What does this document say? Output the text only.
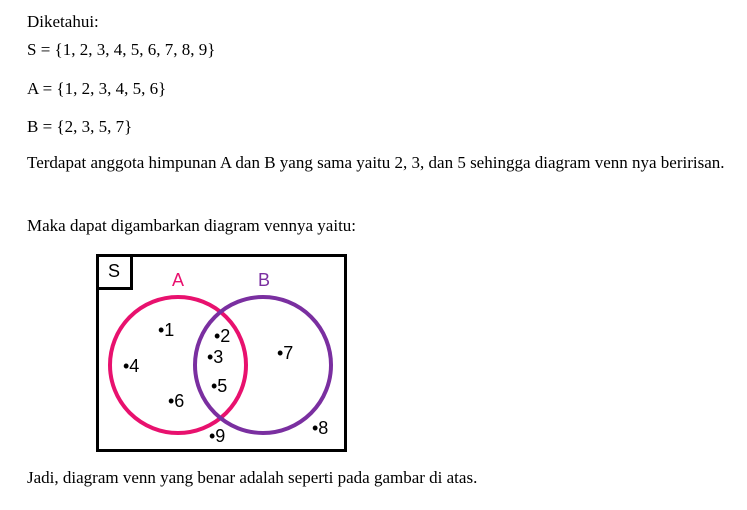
Diketahui:
S = {1, 2, 3, 4, 5, 6, 7, 8, 9}
A = {1, 2, 3, 4, 5, 6}
B = {2, 3, 5, 7}
Terdapat anggota himpunan A dan B yang sama yaitu 2, 3, dan 5 sehingga diagram venn nya beririsan.
Maka dapat digambarkan diagram vennya yaitu:
S	A	B
•1
•4
•6
•2
•3
•5
•7
•8
•9
Jadi, diagram venn yang benar adalah seperti pada gambar di atas.
